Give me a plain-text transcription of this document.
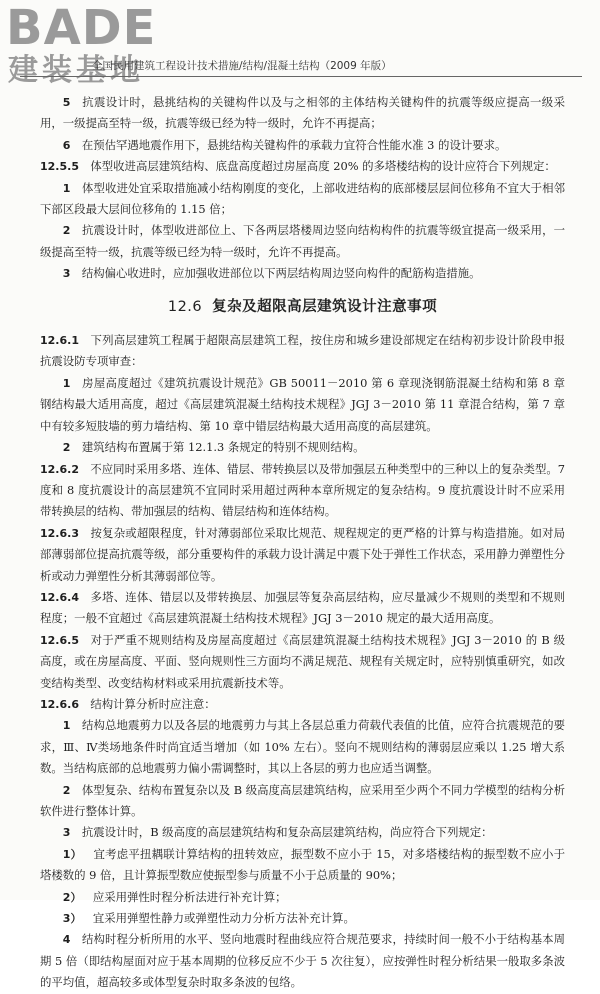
BADE
建装基地
全国民用建筑工程设计技术措施/结构/混凝土结构（2009 年版）

5  抗震设计时，悬挑结构的关键构件以及与之相邻的主体结构关键构件的抗震等级应提高一级采用，一级提高至特一级，抗震等级已经为特一级时，允许不再提高；

6  在预估罕遇地震作用下，悬挑结构关键构件的承载力宜符合性能水准 3 的设计要求。

12.5.5  体型收进高层建筑结构、底盘高度超过房屋高度 20% 的多塔楼结构的设计应符合下列规定：

1  体型收进处宜采取措施减小结构刚度的变化，上部收进结构的底部楼层层间位移角不宜大于相邻下部区段最大层间位移角的 1.15 倍；

2  抗震设计时，体型收进部位上、下各两层塔楼周边竖向结构构件的抗震等级宜提高一级采用，一级提高至特一级，抗震等级已经为特一级时，允许不再提高。

3  结构偏心收进时，应加强收进部位以下两层结构周边竖向构件的配筋构造措施。

12.6 复杂及超限高层建筑设计注意事项

12.6.1  下列高层建筑工程属于超限高层建筑工程，按住房和城乡建设部规定在结构初步设计阶段申报抗震设防专项审查：

1  房屋高度超过《建筑抗震设计规范》GB 50011－2010 第 6 章现浇钢筋混凝土结构和第 8 章钢结构最大适用高度，超过《高层建筑混凝土结构技术规程》JGJ 3－2010 第 11 章混合结构，第 7 章中有较多短肢墙的剪力墙结构、第 10 章中错层结构最大适用高度的高层建筑。

2  建筑结构布置属于第 12.1.3 条规定的特别不规则结构。

12.6.2  不应同时采用多塔、连体、错层、带转换层以及带加强层五种类型中的三种以上的复杂类型。7 度和 8 度抗震设计的高层建筑不宜同时采用超过两种本章所规定的复杂结构。9 度抗震设计时不应采用带转换层的结构、带加强层的结构、错层结构和连体结构。

12.6.3  按复杂或超限程度，针对薄弱部位采取比规范、规程规定的更严格的计算与构造措施。如对局部薄弱部位提高抗震等级，部分重要构件的承载力设计满足中震下处于弹性工作状态，采用静力弹塑性分析或动力弹塑性分析其薄弱部位等。

12.6.4  多塔、连体、错层以及带转换层、加强层等复杂高层结构，应尽量减少不规则的类型和不规则程度；一般不宜超过《高层建筑混凝土结构技术规程》JGJ 3－2010 规定的最大适用高度。

12.6.5  对于严重不规则结构及房屋高度超过《高层建筑混凝土结构技术规程》JGJ 3－2010 的 B 级高度，或在房屋高度、平面、竖向规则性三方面均不满足规范、规程有关规定时，应特别慎重研究，如改变结构类型、改变结构材料或采用抗震新技术等。

12.6.6  结构计算分析时应注意：

1  结构总地震剪力以及各层的地震剪力与其上各层总重力荷载代表值的比值，应符合抗震规范的要求，Ⅲ、Ⅳ类场地条件时尚宜适当增加（如 10% 左右）。竖向不规则结构的薄弱层应乘以 1.25 增大系数。当结构底部的总地震剪力偏小需调整时，其以上各层的剪力也应适当调整。

2  体型复杂、结构布置复杂以及 B 级高度高层建筑结构，应采用至少两个不同力学模型的结构分析软件进行整体计算。

3  抗震设计时，B 级高度的高层建筑结构和复杂高层建筑结构，尚应符合下列规定：

1）  宜考虑平扭耦联计算结构的扭转效应，振型数不应小于 15，对多塔楼结构的振型数不应小于塔楼数的 9 倍，且计算振型数应使振型参与质量不小于总质量的 90%；

2）  应采用弹性时程分析法进行补充计算；

3）  宜采用弹塑性静力或弹塑性动力分析方法补充计算。

4  结构时程分析所用的水平、竖向地震时程曲线应符合规范要求，持续时间一般不小于结构基本周期 5 倍（即结构屋面对应于基本周期的位移反应不少于 5 次往复），应按弹性时程分析结果一般取多条波的平均值，超高较多或体型复杂时取多条波的包络。
